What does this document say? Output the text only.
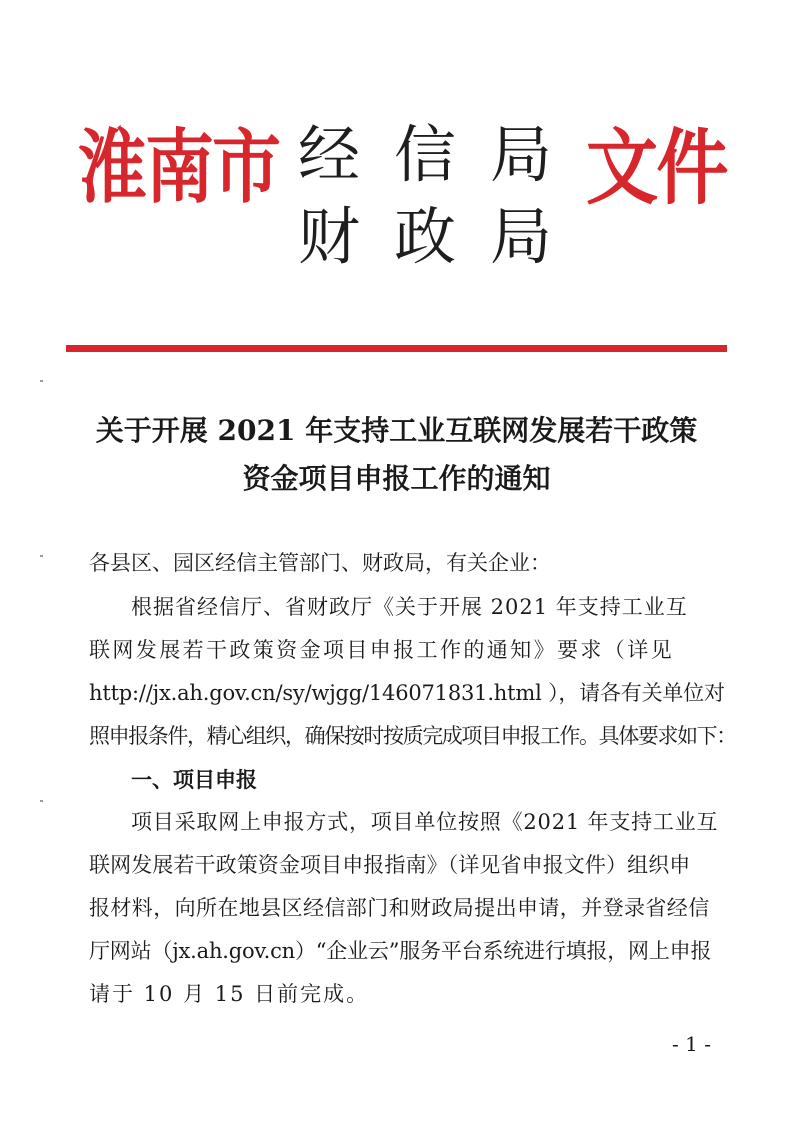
淮南市 经信局
财政局
文件
关于开展 2021 年支持工业互联网发展若干政策
资金项目申报工作的通知
各县区、园区经信主管部门、财政局，有关企业：
根据省经信厅、省财政厅《关于开展 2021 年支持工业互
联网发展若干政策资金项目申报工作的通知》要求（详见
http://jx.ah.gov.cn/sy/wjgg/146071831.html ），请各有关单位对
照申报条件，精心组织，确保按时按质完成项目申报工作。具体要求如下：
一、项目申报
项目采取网上申报方式，项目单位按照《2021 年支持工业互
联网发展若干政策资金项目申报指南》（详见省申报文件）组织申
报材料，向所在地县区经信部门和财政局提出申请，并登录省经信
厅网站（jx.ah.gov.cn）“企业云”服务平台系统进行填报，网上申报
请于 10 月 15 日前完成。
- 1 -
